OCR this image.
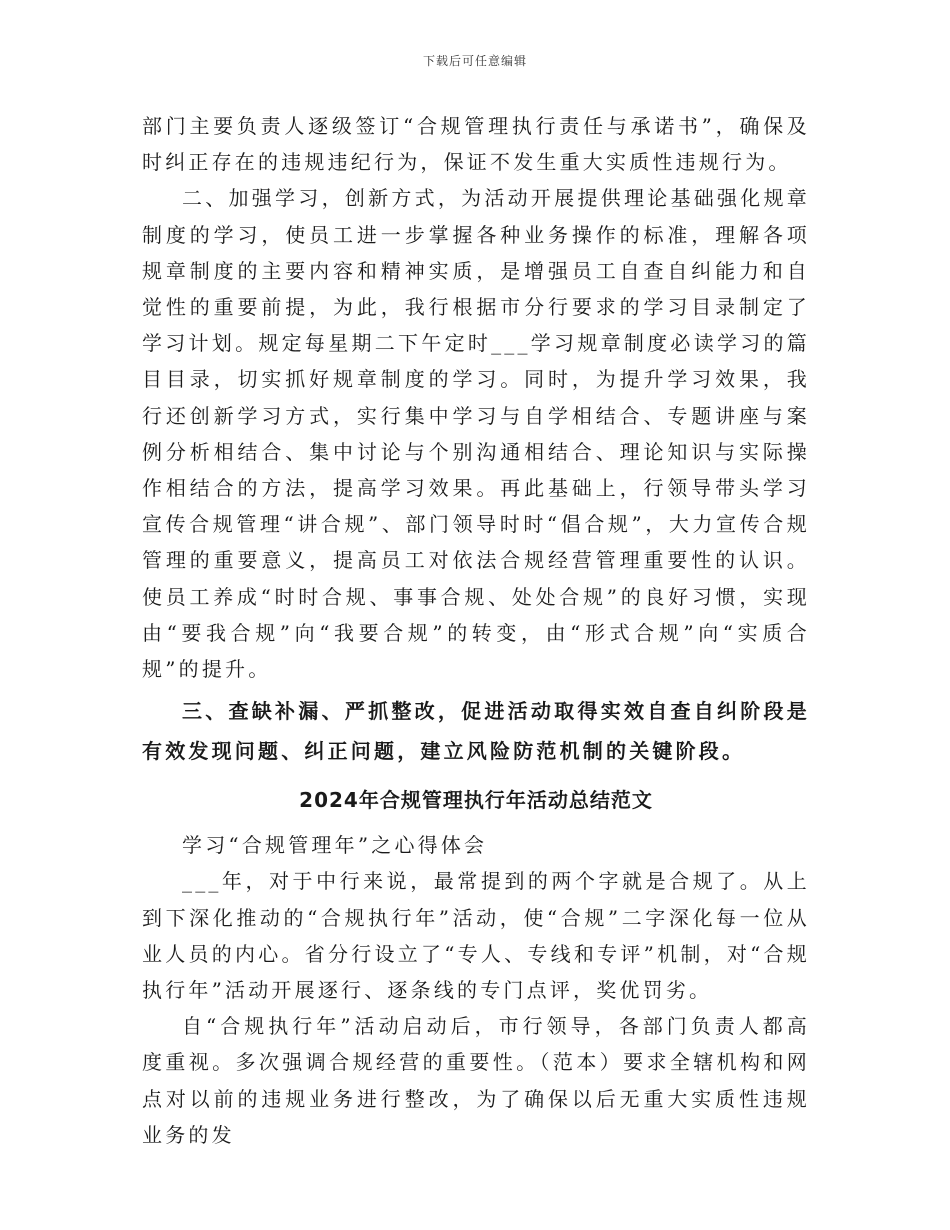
下载后可任意编辑

部门主要负责人逐级签订“合规管理执行责任与承诺书”，确保及时纠正存在的违规违纪行为，保证不发生重大实质性违规行为。

二、加强学习，创新方式，为活动开展提供理论基础强化规章制度的学习，使员工进一步掌握各种业务操作的标准，理解各项规章制度的主要内容和精神实质，是增强员工自查自纠能力和自觉性的重要前提，为此，我行根据市分行要求的学习目录制定了学习计划。规定每星期二下午定时___学习规章制度必读学习的篇目目录，切实抓好规章制度的学习。同时，为提升学习效果，我行还创新学习方式，实行集中学习与自学相结合、专题讲座与案例分析相结合、集中讨论与个别沟通相结合、理论知识与实际操作相结合的方法，提高学习效果。再此基础上，行领导带头学习宣传合规管理“讲合规”、部门领导时时“倡合规”，大力宣传合规管理的重要意义，提高员工对依法合规经营管理重要性的认识。使员工养成“时时合规、事事合规、处处合规”的良好习惯，实现由“要我合规”向“我要合规”的转变，由“形式合规”向“实质合规”的提升。

三、查缺补漏、严抓整改，促进活动取得实效自查自纠阶段是有效发现问题、纠正问题，建立风险防范机制的关键阶段。

2024年合规管理执行年活动总结范文

学习“合规管理年”之心得体会

___年，对于中行来说，最常提到的两个字就是合规了。从上到下深化推动的“合规执行年”活动，使“合规”二字深化每一位从业人员的内心。省分行设立了“专人、专线和专评”机制，对“合规执行年”活动开展逐行、逐条线的专门点评，奖优罚劣。

自“合规执行年”活动启动后，市行领导，各部门负责人都高度重视。多次强调合规经营的重要性。（范本）要求全辖机构和网点对以前的违规业务进行整改，为了确保以后无重大实质性违规业务的发
